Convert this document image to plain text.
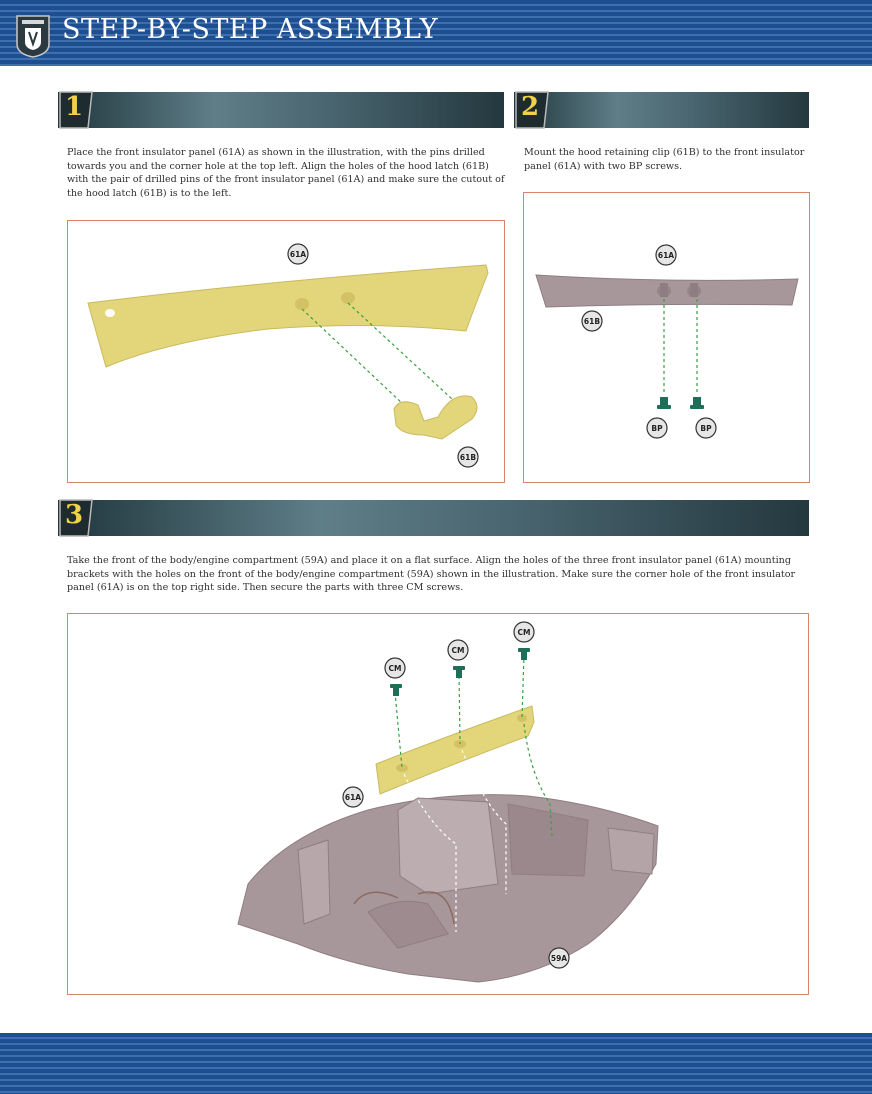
STEP-BY-STEP ASSEMBLY
1	2
Place the front insulator panel (61A) as shown in the illustration, with the pins drilled towards you and the corner hole at the top left. Align the holes of the hood latch (61B) with the pair of drilled pins of the front insulator panel (61A) and make sure the cutout of the hood latch (61B) is to the left.
Mount the hood retaining clip (61B) to the front insulator panel (61A) with two BP screws.
61A
61B
61A
61B
BP	BP
3
Take the front of the body/engine compartment (59A) and place it on a flat surface. Align the holes of the three front insulator panel (61A) mounting brackets with the holes on the front of the body/engine compartment (59A) shown in the illustration. Make sure the corner hole of the front insulator panel (61A) is on the top right side. Then secure the parts with three CM screws.
CM
CM
CM
61A
59A
